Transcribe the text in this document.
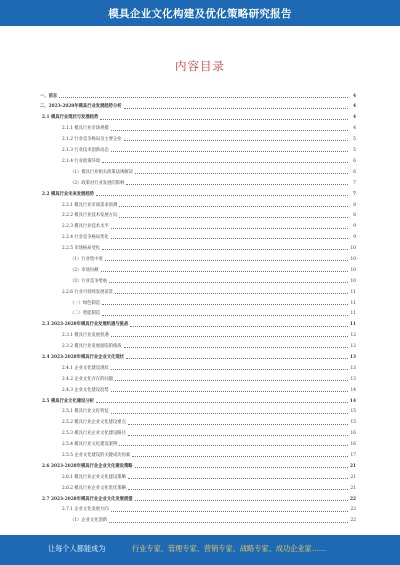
模具企业文化构建及优化策略研究报告
内容目录
一、前言	4
二、2023-2028年模具行业发展趋势分析	4
2.1 模具行业现状与发展趋势	4
2.1.1 模具行业市场规模	4
2.1.2 行业竞争格局及主要企业	5
2.1.3 行业技术创新动态	5
2.1.4 行业政策环境	6
（1）模具行业相关政策法规解读	6
（2）政策对行业发展的影响	7
2.2 模具行业未来发展趋势	7
2.2.1 模具行业市场需求预测	8
2.2.2 模具行业技术发展方向	8
2.2.3 模具行业技术水平	9
2.2.4 行业竞争格局变化	9
2.2.5 市场格局变化	10
（1）行业集中度	10
（2）市场份额	10
（3）行业竞争壁垒	10
2.2.6 行业可持续发展前景	11
（一）绿色制造	11
（二）智能制造	11
2.3 2023-2028年模具行业发展机遇与挑战	11
2.3.1 模具行业发展机遇	12
2.3.2 模具行业发展面临的挑战	12
2.4 2023-2028年模具行业企业文化现状	13
2.4.1 企业文化建设现状	13
2.4.2 企业文化存在的问题	13
2.4.3 企业文化建设趋势	14
2.5 模具行业文化建设分析	14
2.5.1 模具行业文化特征	15
2.5.2 模具行业企业文化建设重点	15
2.5.3 模具行业企业文化建设路径	16
2.5.4 模具行业文化建设案例	16
2.5.5 企业文化建设的关键成功因素	17
2.6 2023-2028年模具行业企业文化建设策略	21
2.6.1 模具行业企业文化建设策略	21
2.6.2 模具行业企业文化优化策略	21
2.7 2023-2028年模具行业企业文化发展展望	22
2.7.1 企业文化发展方向	22
（1）企业文化创新	22
让每个人都能成为	行业专家、管理专家、营销专家、战略专家、成功企业家……
